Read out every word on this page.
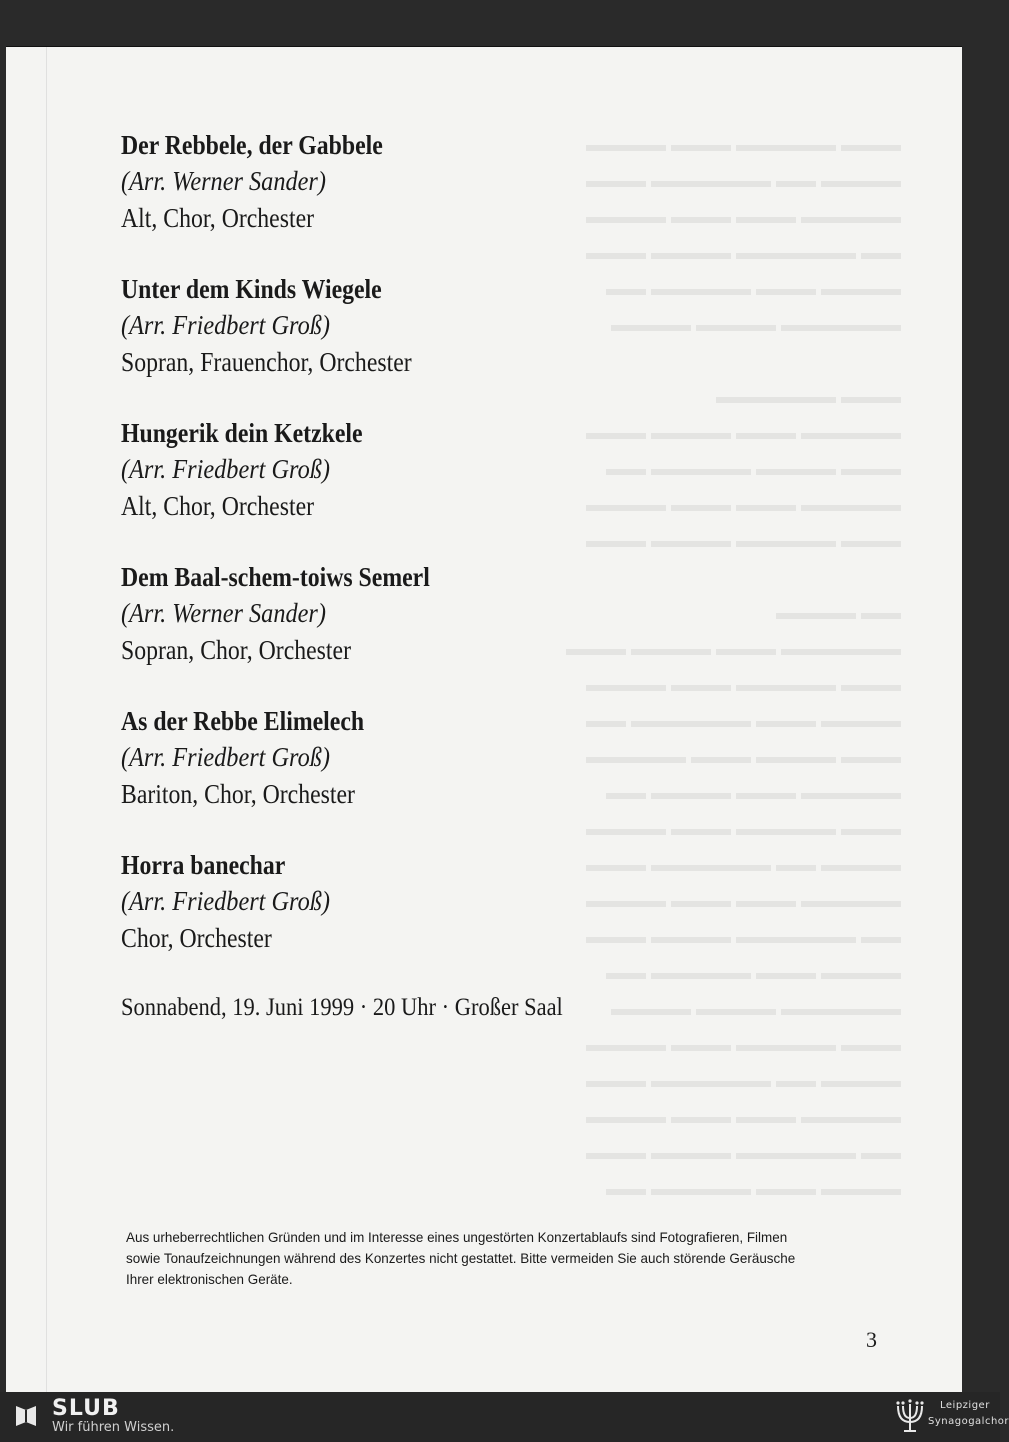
▬▬▬ ▬▬▬▬▬ ▬▬▬ ▬▬▬▬
▬▬▬▬ ▬▬ ▬▬▬▬▬▬ ▬▬▬
▬▬▬▬▬ ▬▬▬ ▬▬▬ ▬▬▬▬
▬▬ ▬▬▬▬▬▬ ▬▬▬▬ ▬▬▬
▬▬▬▬ ▬▬▬ ▬▬▬▬▬ ▬▬
▬▬▬▬▬▬ ▬▬▬▬ ▬▬▬▬

▬▬▬ ▬▬▬▬▬▬
▬▬▬▬▬ ▬▬▬ ▬▬▬▬ ▬▬▬
▬▬▬ ▬▬▬▬ ▬▬▬▬▬ ▬▬
▬▬▬▬▬ ▬▬▬ ▬▬▬ ▬▬▬▬
▬▬▬ ▬▬▬▬▬ ▬▬▬▬ ▬▬▬

▬▬ ▬▬▬▬
▬▬▬▬▬▬ ▬▬▬ ▬▬▬▬ ▬▬▬
▬▬▬ ▬▬▬▬▬ ▬▬▬ ▬▬▬▬
▬▬▬▬ ▬▬▬ ▬▬▬▬▬▬ ▬▬
▬▬▬ ▬▬▬▬ ▬▬▬ ▬▬▬▬▬
▬▬▬▬▬ ▬▬▬ ▬▬▬▬ ▬▬
▬▬▬ ▬▬▬▬▬ ▬▬▬ ▬▬▬▬
▬▬▬▬ ▬▬ ▬▬▬▬▬▬ ▬▬▬
▬▬▬▬▬ ▬▬▬ ▬▬▬ ▬▬▬▬
▬▬ ▬▬▬▬▬▬ ▬▬▬▬ ▬▬▬
▬▬▬▬ ▬▬▬ ▬▬▬▬▬ ▬▬
▬▬▬▬▬▬ ▬▬▬▬ ▬▬▬▬
▬▬▬ ▬▬▬▬▬ ▬▬▬ ▬▬▬▬
▬▬▬▬ ▬▬ ▬▬▬▬▬▬ ▬▬▬
▬▬▬▬▬ ▬▬▬ ▬▬▬ ▬▬▬▬
▬▬ ▬▬▬▬▬▬ ▬▬▬▬ ▬▬▬
▬▬▬▬ ▬▬▬ ▬▬▬▬▬ ▬▬
Der Rebbele, der Gabbele
(Arr. Werner Sander)
Alt, Chor, Orchester
Unter dem Kinds Wiegele
(Arr. Friedbert Groß)
Sopran, Frauenchor, Orchester
Hungerik dein Ketzkele
(Arr. Friedbert Groß)
Alt, Chor, Orchester
Dem Baal-schem-toiws Semerl
(Arr. Werner Sander)
Sopran, Chor, Orchester
As der Rebbe Elimelech
(Arr. Friedbert Groß)
Bariton, Chor, Orchester
Horra banechar
(Arr. Friedbert Groß)
Chor, Orchester
Sonnabend, 19. Juni 1999 · 20 Uhr · Großer Saal
Aus urheberrechtlichen Gründen und im Interesse eines ungestörten Konzertablaufs sind Fotografieren, Filmen sowie Tonaufzeichnungen während des Konzertes nicht gestattet. Bitte vermeiden Sie auch störende Geräusche Ihrer elektronischen Geräte.
3
SLUB
Wir führen Wissen.
Leipziger
Synagogalchor
